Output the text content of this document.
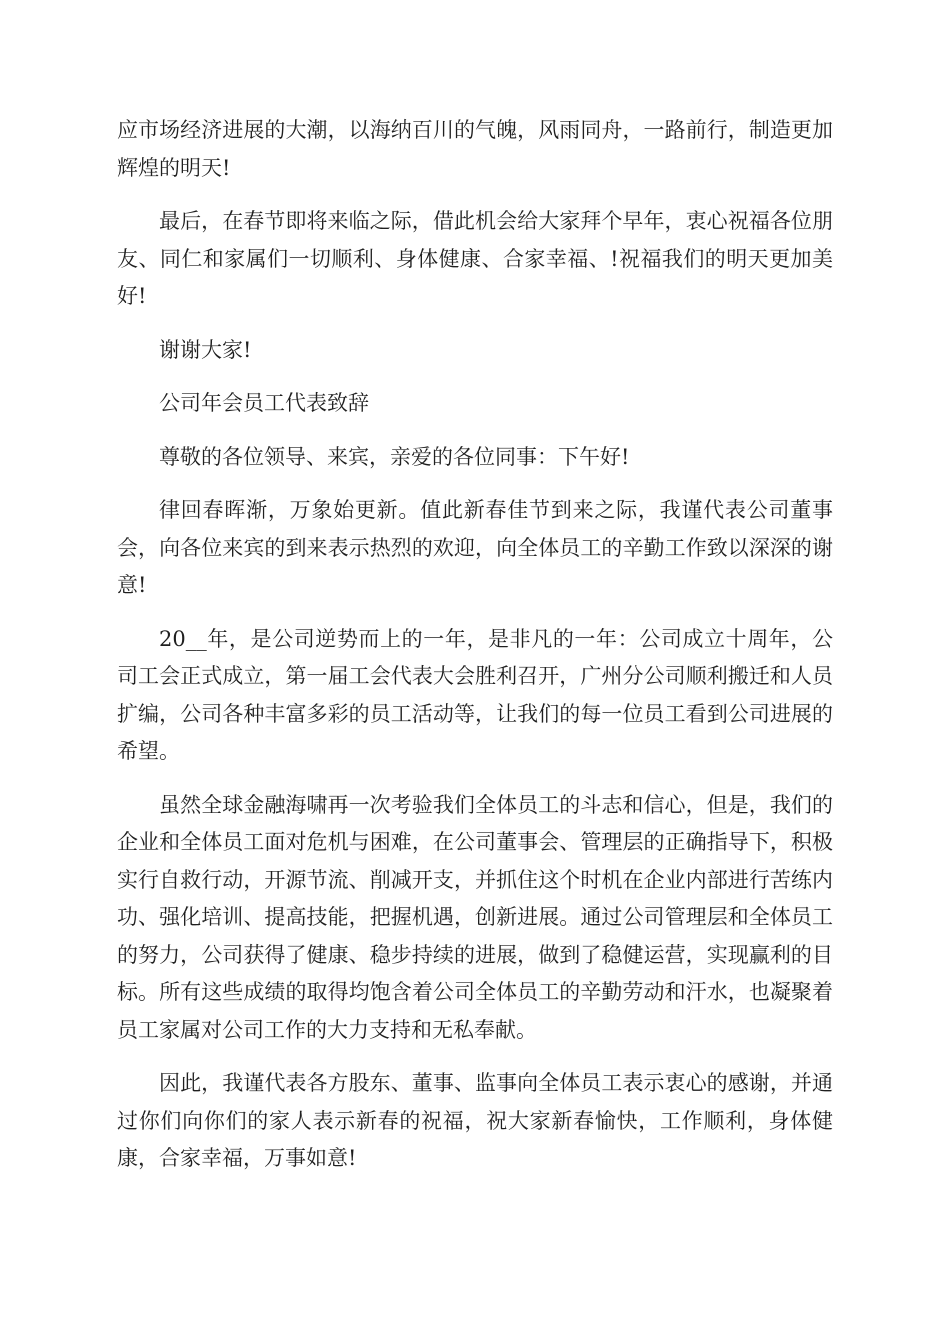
应市场经济进展的大潮，以海纳百川的气魄，风雨同舟，一路前行，制造更加辉煌的明天!

最后，在春节即将来临之际，借此机会给大家拜个早年，衷心祝福各位朋友、同仁和家属们一切顺利、身体健康、合家幸福、!祝福我们的明天更加美好!

谢谢大家!

公司年会员工代表致辞

尊敬的各位领导、来宾，亲爱的各位同事：下午好!

律回春晖渐，万象始更新。值此新春佳节到来之际，我谨代表公司董事会，向各位来宾的到来表示热烈的欢迎，向全体员工的辛勤工作致以深深的谢意!

20__年，是公司逆势而上的一年，是非凡的一年：公司成立十周年，公司工会正式成立，第一届工会代表大会胜利召开，广州分公司顺利搬迁和人员扩编，公司各种丰富多彩的员工活动等，让我们的每一位员工看到公司进展的希望。

虽然全球金融海啸再一次考验我们全体员工的斗志和信心，但是，我们的企业和全体员工面对危机与困难，在公司董事会、管理层的正确指导下，积极实行自救行动，开源节流、削减开支，并抓住这个时机在企业内部进行苦练内功、强化培训、提高技能，把握机遇，创新进展。通过公司管理层和全体员工的努力，公司获得了健康、稳步持续的进展，做到了稳健运营，实现赢利的目标。所有这些成绩的取得均饱含着公司全体员工的辛勤劳动和汗水，也凝聚着员工家属对公司工作的大力支持和无私奉献。

因此，我谨代表各方股东、董事、监事向全体员工表示衷心的感谢，并通过你们向你们的家人表示新春的祝福，祝大家新春愉快，工作顺利，身体健康，合家幸福，万事如意!
